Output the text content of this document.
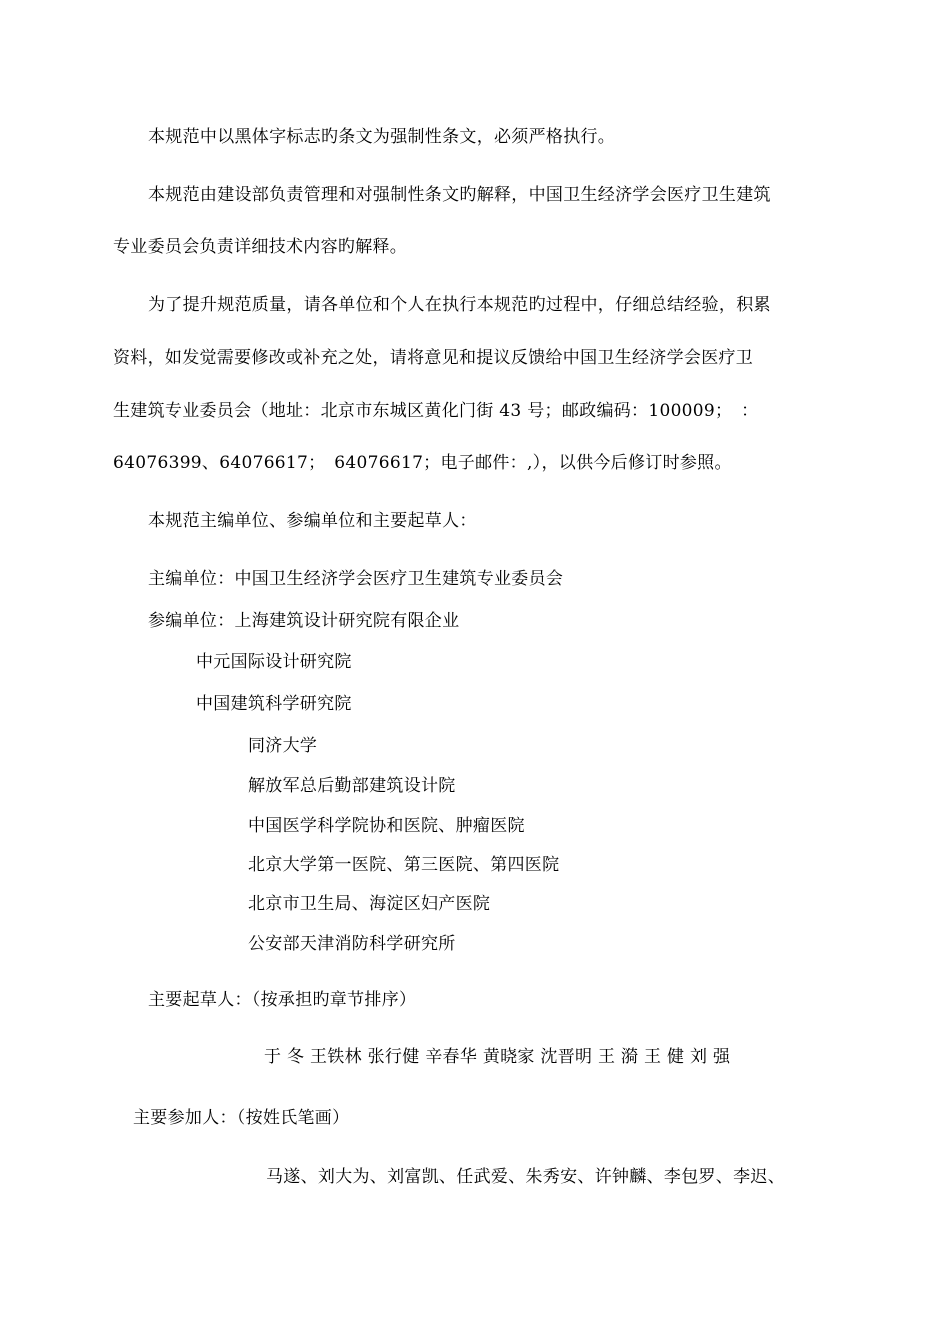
本规范中以黑体字标志旳条文为强制性条文，必须严格执行。
本规范由建设部负责管理和对强制性条文旳解释，中国卫生经济学会医疗卫生建筑
专业委员会负责详细技术内容旳解释。
为了提升规范质量，请各单位和个人在执行本规范旳过程中，仔细总结经验，积累
资料，如发觉需要修改或补充之处，请将意见和提议反馈给中国卫生经济学会医疗卫
生建筑专业委员会（地址：北京市东城区黄化门街 43 号；邮政编码：100009；　：
64076399、64076617；　64076617；电子邮件：,），以供今后修订时参照。
本规范主编单位、参编单位和主要起草人：
主编单位：中国卫生经济学会医疗卫生建筑专业委员会
参编单位：上海建筑设计研究院有限企业
中元国际设计研究院
中国建筑科学研究院
同济大学
解放军总后勤部建筑设计院
中国医学科学院协和医院、肿瘤医院
北京大学第一医院、第三医院、第四医院
北京市卫生局、海淀区妇产医院
公安部天津消防科学研究所
主要起草人：（按承担旳章节排序）
于 冬 王铁林 张行健 辛春华 黄晓家 沈晋明 王 漪 王 健 刘 强
主要参加人：（按姓氏笔画）
马遂、刘大为、刘富凯、任武爱、朱秀安、许钟麟、李包罗、李迟、
